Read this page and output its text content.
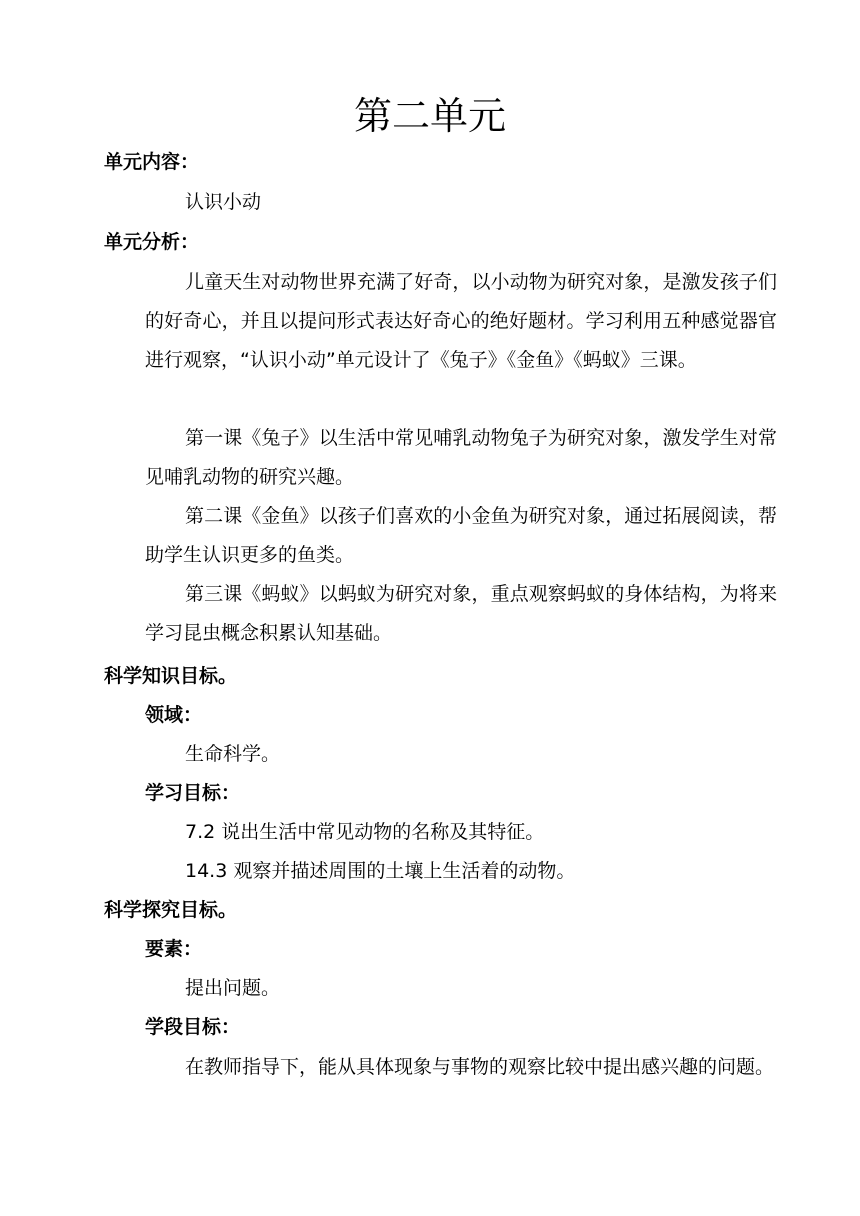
第二单元
单元内容：
认识小动
单元分析：

儿童天生对动物世界充满了好奇，以小动物为研究对象，是激发孩子们的好奇心，并且以提问形式表达好奇心的绝好题材。学习利用五种感觉器官进行观察，“认识小动”单元设计了《兔子》《金鱼》《蚂蚁》三课。

第一课《兔子》以生活中常见哺乳动物兔子为研究对象，激发学生对常见哺乳动物的研究兴趣。

第二课《金鱼》以孩子们喜欢的小金鱼为研究对象，通过拓展阅读，帮助学生认识更多的鱼类。

第三课《蚂蚁》以蚂蚁为研究对象，重点观察蚂蚁的身体结构，为将来学习昆虫概念积累认知基础。

科学知识目标。
领域：
生命科学。
学习目标：
7.2 说出生活中常见动物的名称及其特征。
14.3 观察并描述周围的土壤上生活着的动物。
科学探究目标。
要素：
提出问题。
学段目标：

在教师指导下，能从具体现象与事物的观察比较中提出感兴趣的问题。
